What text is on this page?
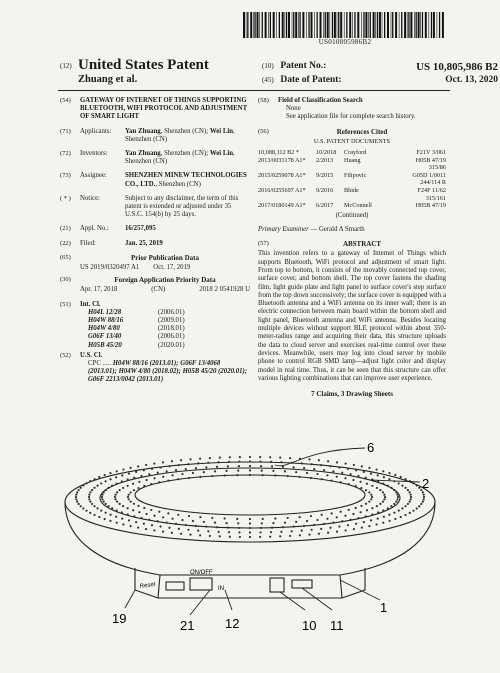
US010805986B2
(12) United States Patent
Zhuang et al.
(10) Patent No.:	US 10,805,986 B2
(45) Date of Patent:	Oct. 13, 2020
(54)	GATEWAY OF INTERNET OF THINGS SUPPORTING BLUETOOTH, WIFI PROTOCOL AND ADJUSTMENT OF SMART LIGHT
(71)	Applicants:	Yan Zhuang, Shenzhen (CN); Wei Lin, Shenzhen (CN)
(72)	Inventors:	Yan Zhuang, Shenzhen (CN); Wei Lin, Shenzhen (CN)
(73)	Assignee:	SHENZHEN MINEW TECHNOLOGIES CO., LTD., Shenzhen (CN)
( * )	Notice:	Subject to any disclaimer, the term of this patent is extended or adjusted under 35 U.S.C. 154(b) by 25 days.
(21)	Appl. No.:	16/257,095
(22)	Filed:	Jan. 25, 2019
(65)	Prior Publication Data
US 2019/0320497 A1 Oct. 17, 2019
(30)	Foreign Application Priority Data
Apr. 17, 2018	(CN)	2018 2 0541928 U
(51)	Int. Cl.
H04L 12/28	(2006.01)
H04W 88/16	(2009.01)
H04W 4/80	(2018.01)
G06F 13/40	(2006.01)
H05B 45/20	(2020.01)
(52)	U.S. Cl.
CPC ..... H04W 88/16 (2013.01); G06F 13/4068 (2013.01); H04W 4/80 (2018.02); H05B 45/20 (2020.01); G06F 2213/0042 (2013.01)
(58)	Field of Classification Search
None
See application file for complete search history.
(56)	References Cited
U.S. PATENT DOCUMENTS
10,088,112 B2 *	10/2018	Crayford	F21V 3/061
2013/0033178 A1*	2/2013	Huang	H05B 47/19
315/86
2015/0259078 A1*	9/2015	Filipovic	G05D 1/0011
244/114 R
2016/0255697 A1*	9/2016	Bhide	F24F 11/62
315/161
2017/0180149 A1*	6/2017	McConnell	H05B 47/19
(Continued)
Primary Examiner — Gerald A Smarth
(57)	ABSTRACT
This invention refers to a gateway of Internet of Things which supports Bluetooth, WiFi protocol and adjustment of smart light. From top to bottom, it consists of the movably connected top cover, surface cover, and bottom shell. The top cover fastens the shading film, light guide plate and light panel to surface cover's step surface from the top down successively; the surface cover is equipped with a Bluetooth antenna and a WiFi antenna on its inner wall; there is an electric connection between main board within the bottom shell and light panel, Bluetooth antenna and WiFi antenna. Besides locating multiple devices without support BLE protocol within about 350-meter-radius range and acquiring their data, this structure uploads the data to cloud server and exercises real-time control over these devices. Meanwhile, users may log into cloud server by mobile phone to control RGB SMD lamp—adjust light color and display model in real time. Thus, it can be seen that this structure can offer various lighting combinations that can improve user experience.
7 Claims, 3 Drawing Sheets
Reset
ON/OFF
IN
6
2
19	21 12	10 11
1
